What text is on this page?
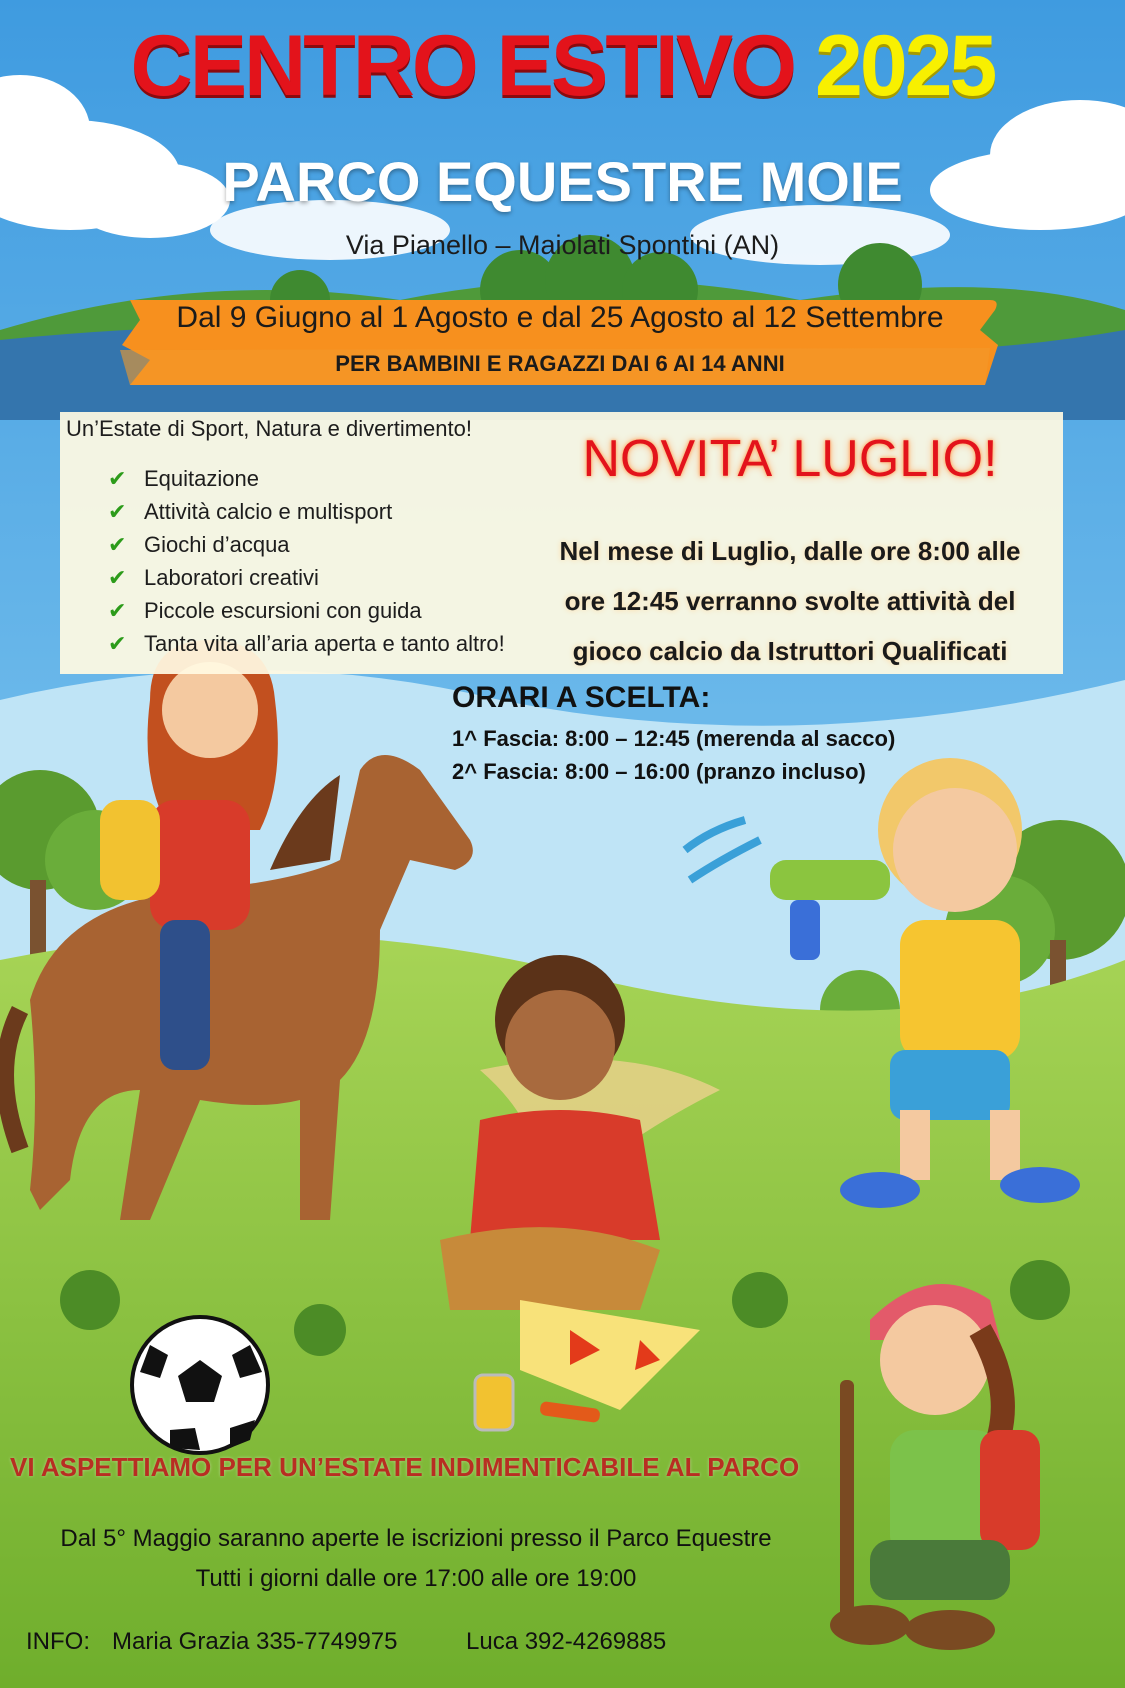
CENTRO ESTIVO 2025
PARCO EQUESTRE MOIE
Via Pianello – Maiolati Spontini (AN)
Dal 9 Giugno al 1 Agosto e dal 25 Agosto al 12 Settembre
PER BAMBINI E RAGAZZI DAI 6 AI 14 ANNI
Un’Estate di Sport, Natura e divertimento!
✔ Equitazione
✔ Attività calcio e multisport
✔ Giochi d’acqua
✔ Laboratori creativi
✔ Piccole escursioni con guida
✔ Tanta vita all’aria aperta e tanto altro!
NOVITA’ LUGLIO!
Nel mese di Luglio, dalle ore 8:00 alle
ore 12:45 verranno svolte attività del
gioco calcio da Istruttori Qualificati
ORARI A SCELTA:
1^ Fascia: 8:00 – 12:45 (merenda al sacco)
2^ Fascia: 8:00 – 16:00 (pranzo incluso)
VI ASPETTIAMO PER UN’ESTATE INDIMENTICABILE AL PARCO
Dal 5° Maggio saranno aperte le iscrizioni presso il Parco Equestre
Tutti i giorni dalle ore 17:00 alle ore 19:00
INFO: Maria Grazia 335-7749975	Luca 392-4269885
